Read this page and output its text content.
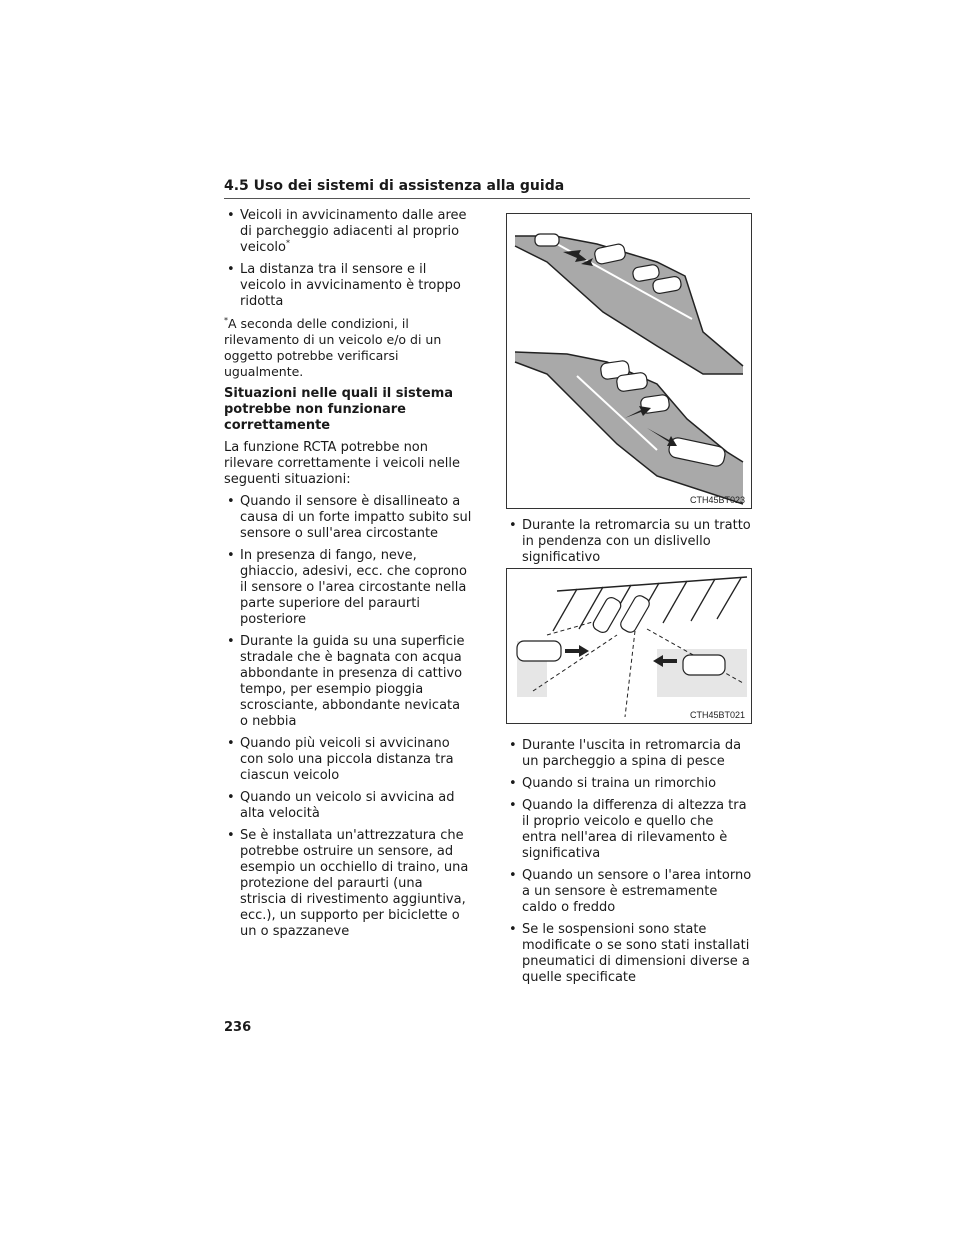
4.5 Uso dei sistemi di assistenza alla guida
• Veicoli in avvicinamento dalle aree di parcheggio adiacenti al proprio veicolo*
• La distanza tra il sensore e il veicolo in avvicinamento è troppo ridotta
*A seconda delle condizioni, il rilevamento di un veicolo e/o di un oggetto potrebbe verificarsi ugualmente.
Situazioni nelle quali il sistema potrebbe non funzionare correttamente
La funzione RCTA potrebbe non rilevare correttamente i veicoli nelle seguenti situazioni:
• Quando il sensore è disallineato a causa di un forte impatto subito sul sensore o sull'area circostante
• In presenza di fango, neve, ghiaccio, adesivi, ecc. che coprono il sensore o l'area circostante nella parte superiore del paraurti posteriore
• Durante la guida su una superficie stradale che è bagnata con acqua abbondante in presenza di cattivo tempo, per esempio pioggia scrosciante, abbondante nevicata o nebbia
• Quando più veicoli si avvicinano con solo una piccola distanza tra ciascun veicolo
• Quando un veicolo si avvicina ad alta velocità
• Se è installata un'attrezzatura che potrebbe ostruire un sensore, ad esempio un occhiello di traino, una protezione del paraurti (una striscia di rivestimento aggiuntiva, ecc.), un supporto per biciclette o un o spazzaneve
CTH45BT023
• Durante la retromarcia su un tratto in pendenza con un dislivello significativo
CTH45BT021
• Durante l'uscita in retromarcia da un parcheggio a spina di pesce
• Quando si traina un rimorchio
• Quando la differenza di altezza tra il proprio veicolo e quello che entra nell'area di rilevamento è significativa
• Quando un sensore o l'area intorno a un sensore è estremamente caldo o freddo
• Se le sospensioni sono state modificate o se sono stati installati pneumatici di dimensioni diverse a quelle specificate
236
